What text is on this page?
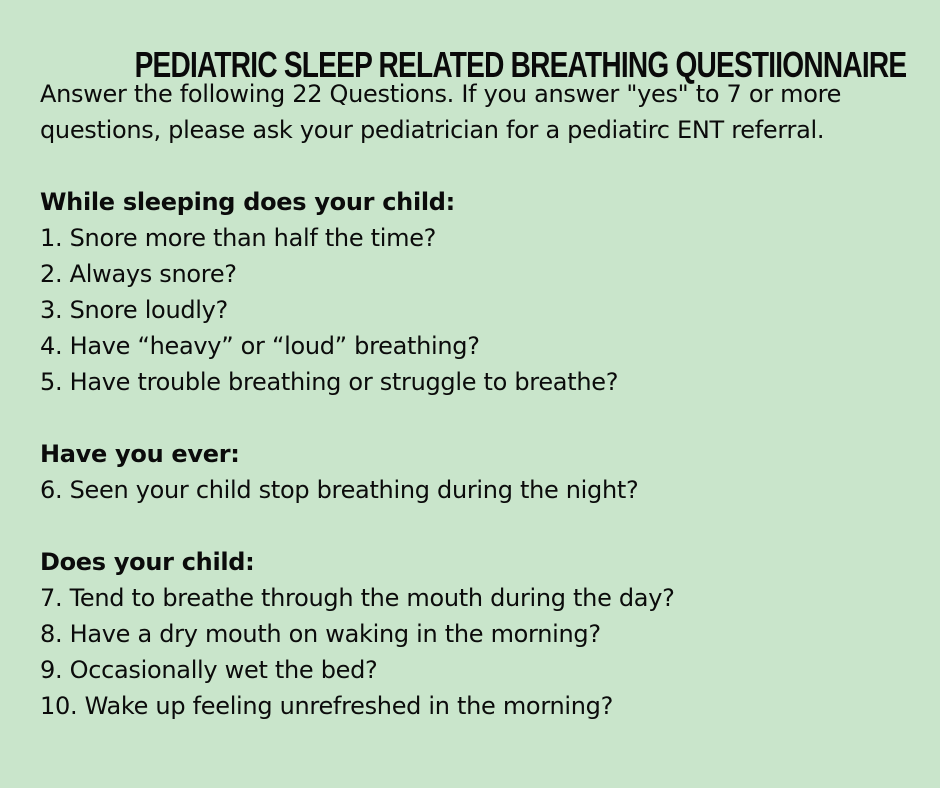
PEDIATRIC SLEEP RELATED BREATHING QUESTIIONNAIRE

Answer the following 22 Questions. If you answer "yes" to 7 or more

questions, please ask your pediatrician for a pediatirc ENT referral.

While sleeping does your child:

1. Snore more than half the time?
2. Always snore?
3. Snore loudly?
4. Have “heavy” or “loud” breathing?
5. Have trouble breathing or struggle to breathe?

Have you ever:

6. Seen your child stop breathing during the night?

Does your child:

7. Tend to breathe through the mouth during the day?
8. Have a dry mouth on waking in the morning?
9. Occasionally wet the bed?
10. Wake up feeling unrefreshed in the morning?
